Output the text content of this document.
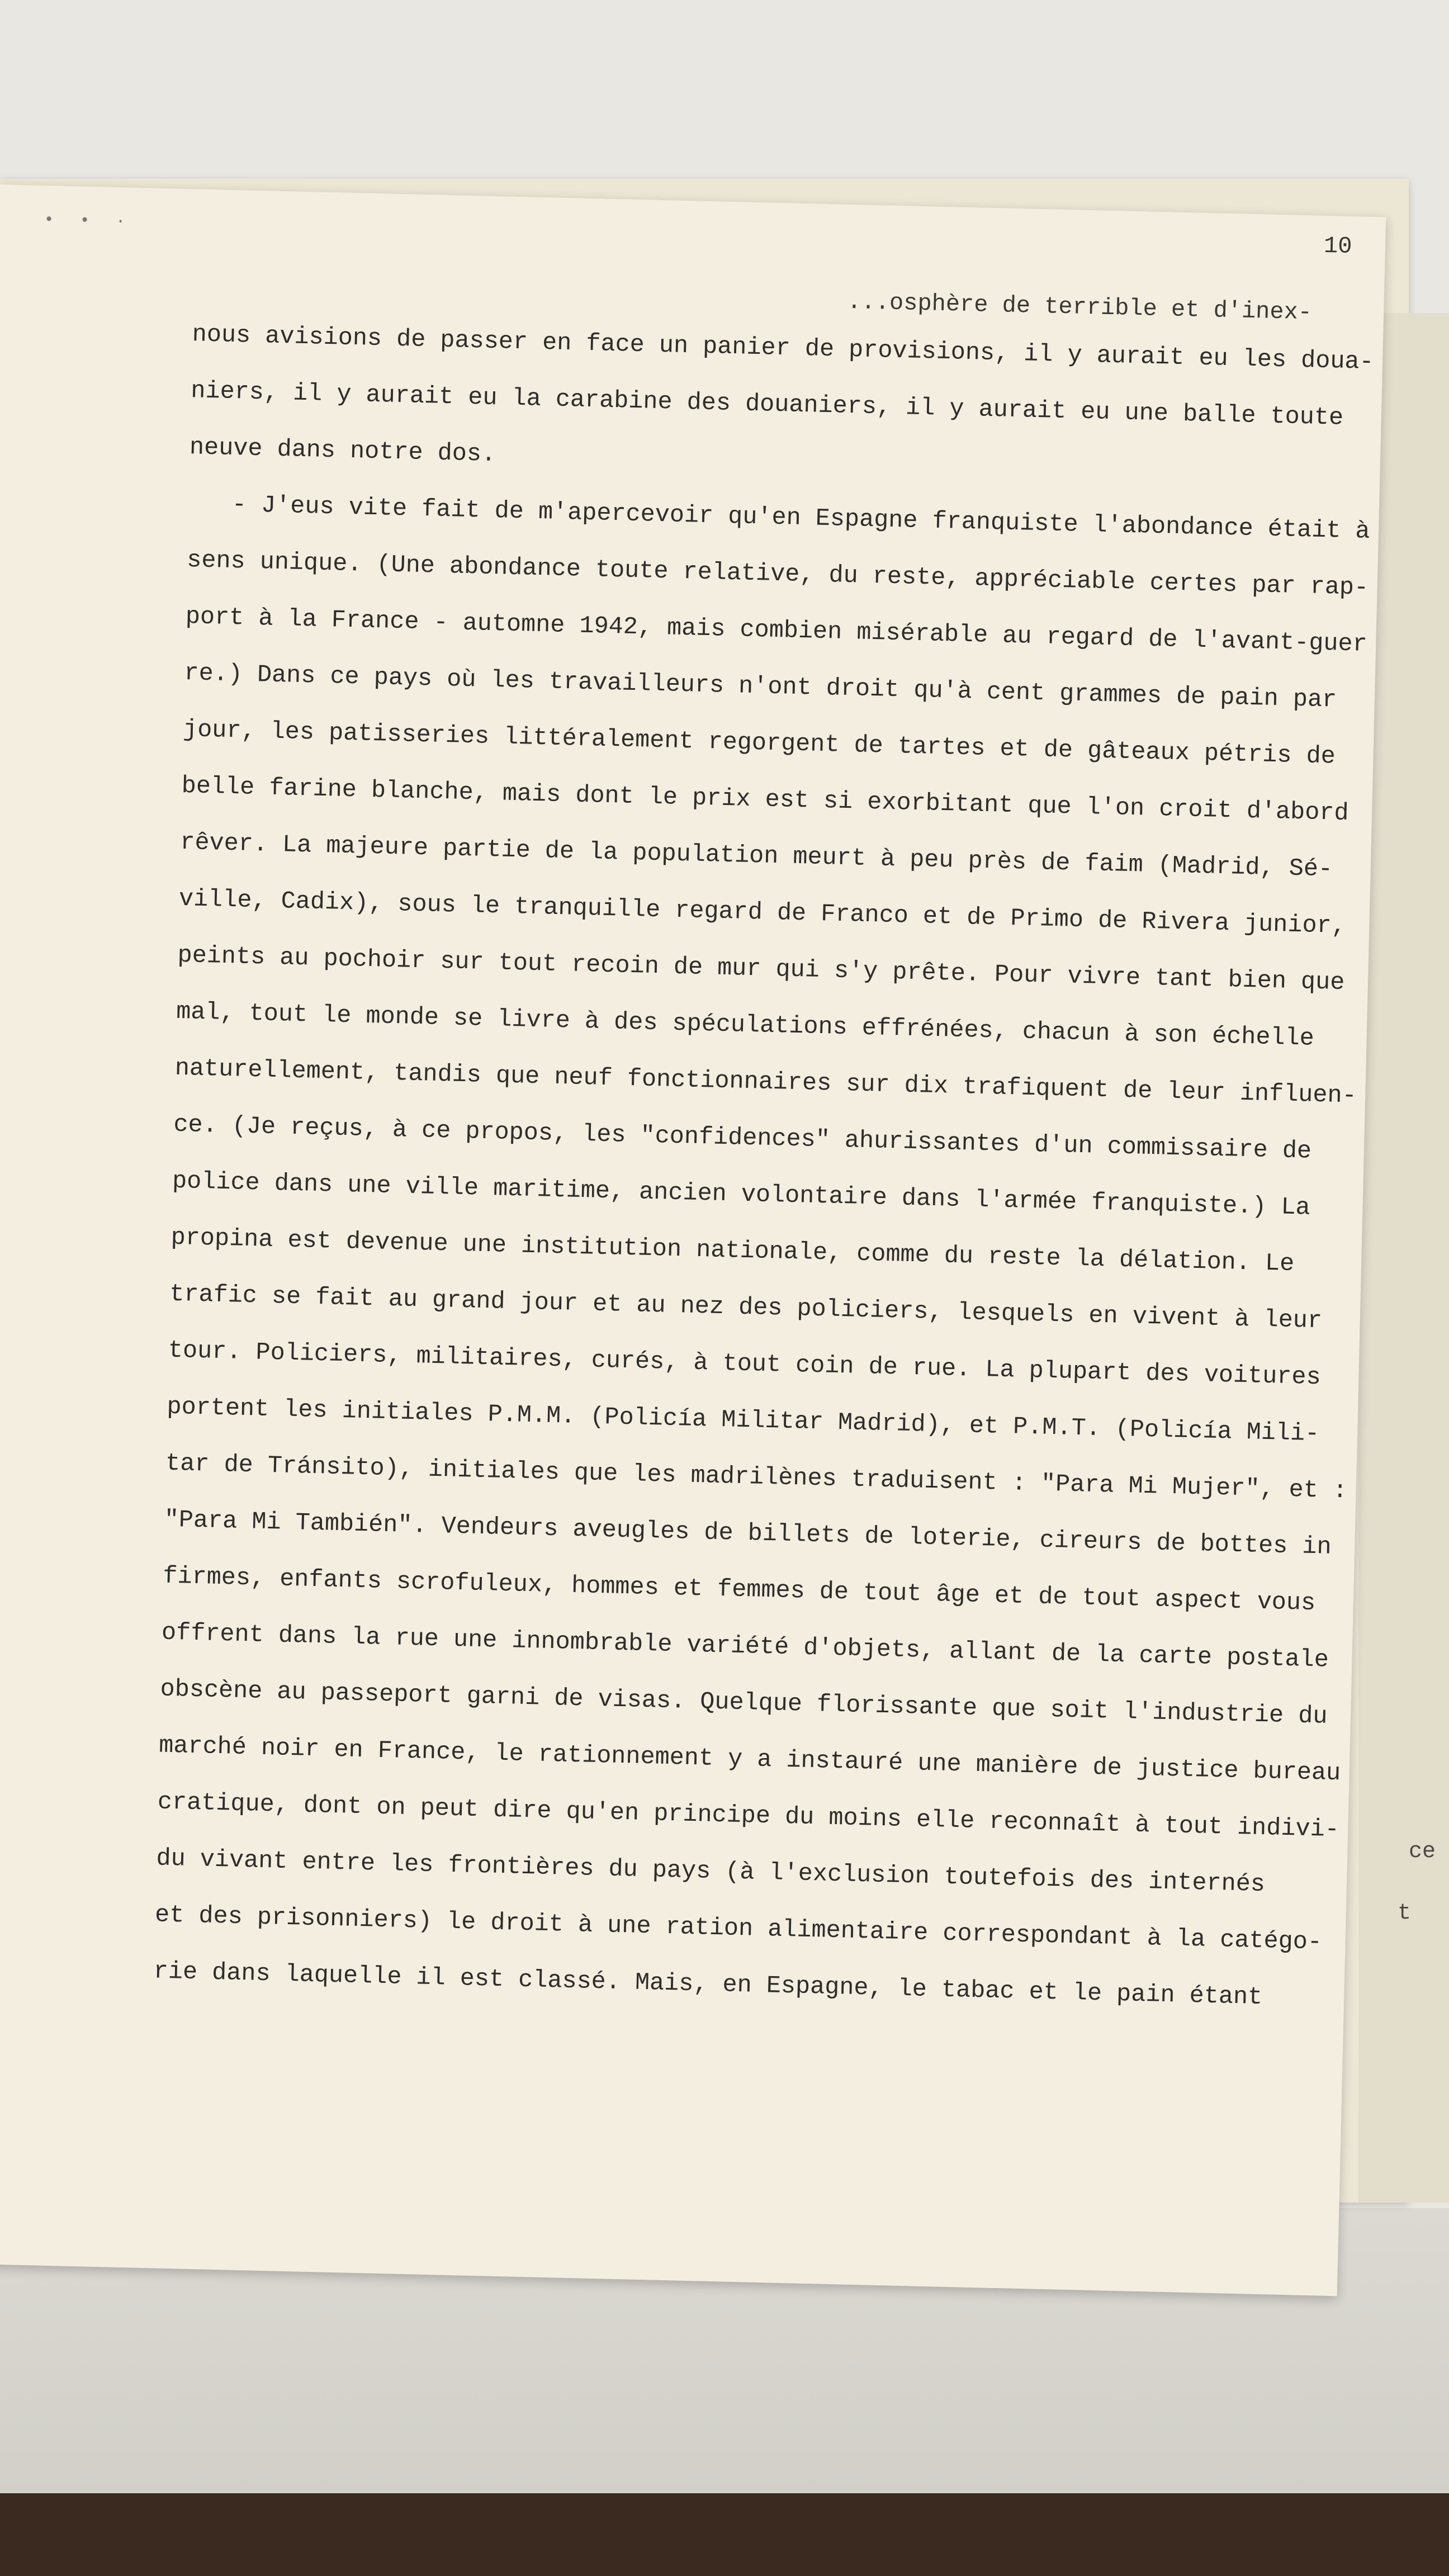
ce
t
• • ·
10
...osphère de terrible et d'inex-
nous avisions de passer en face un panier de provisions, il y aurait eu les doua-
niers, il y aurait eu la carabine des douaniers, il y aurait eu une balle toute
neuve dans notre dos.
- J'eus vite fait de m'apercevoir qu'en Espagne franquiste l'abondance était à
sens unique. (Une abondance toute relative, du reste, appréciable certes par rap-
port à la France - automne 1942, mais combien misérable au regard de l'avant-guer
re.) Dans ce pays où les travailleurs n'ont droit qu'à cent grammes de pain par
jour, les patisseries littéralement regorgent de tartes et de gâteaux pétris de
belle farine blanche, mais dont le prix est si exorbitant que l'on croit d'abord
rêver. La majeure partie de la population meurt à peu près de faim (Madrid, Sé-
ville, Cadix), sous le tranquille regard de Franco et de Primo de Rivera junior,
peints au pochoir sur tout recoin de mur qui s'y prête. Pour vivre tant bien que
mal, tout le monde se livre à des spéculations effrénées, chacun à son échelle
naturellement, tandis que neuf fonctionnaires sur dix trafiquent de leur influen-
ce. (Je reçus, à ce propos, les "confidences" ahurissantes d'un commissaire de
police dans une ville maritime, ancien volontaire dans l'armée franquiste.) La
propina est devenue une institution nationale, comme du reste la délation. Le
trafic se fait au grand jour et au nez des policiers, lesquels en vivent à leur
tour. Policiers, militaires, curés, à tout coin de rue. La plupart des voitures
portent les initiales P.M.M. (Policía Militar Madrid), et P.M.T. (Policía Mili-
tar de Tránsito), initiales que les madrilènes traduisent : "Para Mi Mujer", et :
"Para Mi También". Vendeurs aveugles de billets de loterie, cireurs de bottes in
firmes, enfants scrofuleux, hommes et femmes de tout âge et de tout aspect vous
offrent dans la rue une innombrable variété d'objets, allant de la carte postale
obscène au passeport garni de visas. Quelque florissante que soit l'industrie du
marché noir en France, le rationnement y a instauré une manière de justice bureau
cratique, dont on peut dire qu'en principe du moins elle reconnaît à tout indivi-
du vivant entre les frontières du pays (à l'exclusion toutefois des internés
et des prisonniers) le droit à une ration alimentaire correspondant à la catégo-
rie dans laquelle il est classé. Mais, en Espagne, le tabac et le pain étant
